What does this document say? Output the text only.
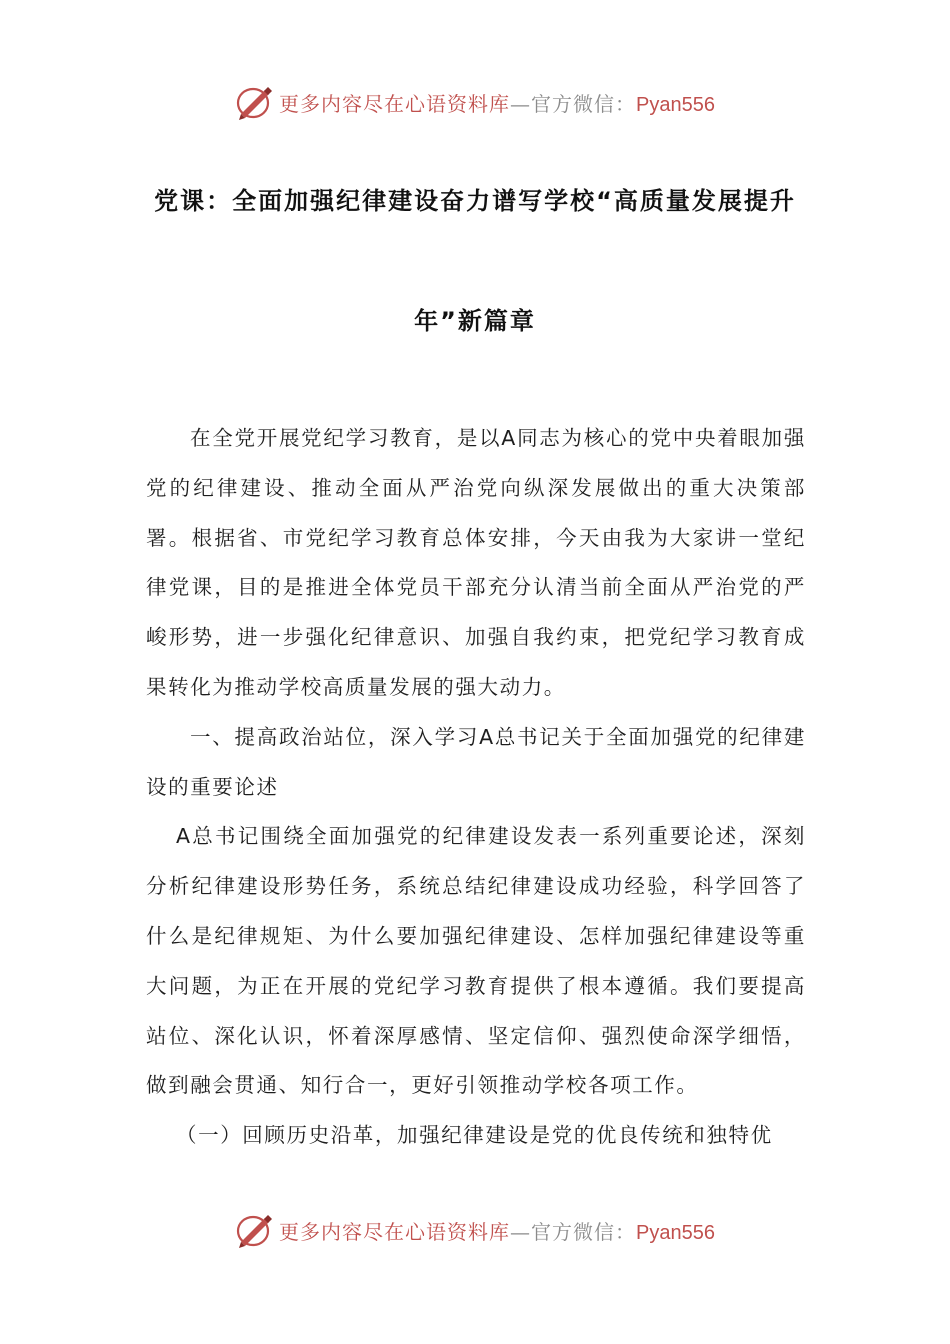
更多内容尽在心语资料库—官方微信：Pyan556
党课：全面加强纪律建设奋力谱写学校“高质量发展提升
年”新篇章

在全党开展党纪学习教育，是以A同志为核心的党中央着眼加强党的纪律建设、推动全面从严治党向纵深发展做出的重大决策部署。根据省、市党纪学习教育总体安排，今天由我为大家讲一堂纪律党课，目的是推进全体党员干部充分认清当前全面从严治党的严峻形势，进一步强化纪律意识、加强自我约束，把党纪学习教育成果转化为推动学校高质量发展的强大动力。

一、提高政治站位，深入学习A总书记关于全面加强党的纪律建设的重要论述

A总书记围绕全面加强党的纪律建设发表一系列重要论述，深刻分析纪律建设形势任务，系统总结纪律建设成功经验，科学回答了什么是纪律规矩、为什么要加强纪律建设、怎样加强纪律建设等重大问题，为正在开展的党纪学习教育提供了根本遵循。我们要提高站位、深化认识，怀着深厚感情、坚定信仰、强烈使命深学细悟，做到融会贯通、知行合一，更好引领推动学校各项工作。

（一）回顾历史沿革，加强纪律建设是党的优良传统和独特优

更多内容尽在心语资料库—官方微信：Pyan556
